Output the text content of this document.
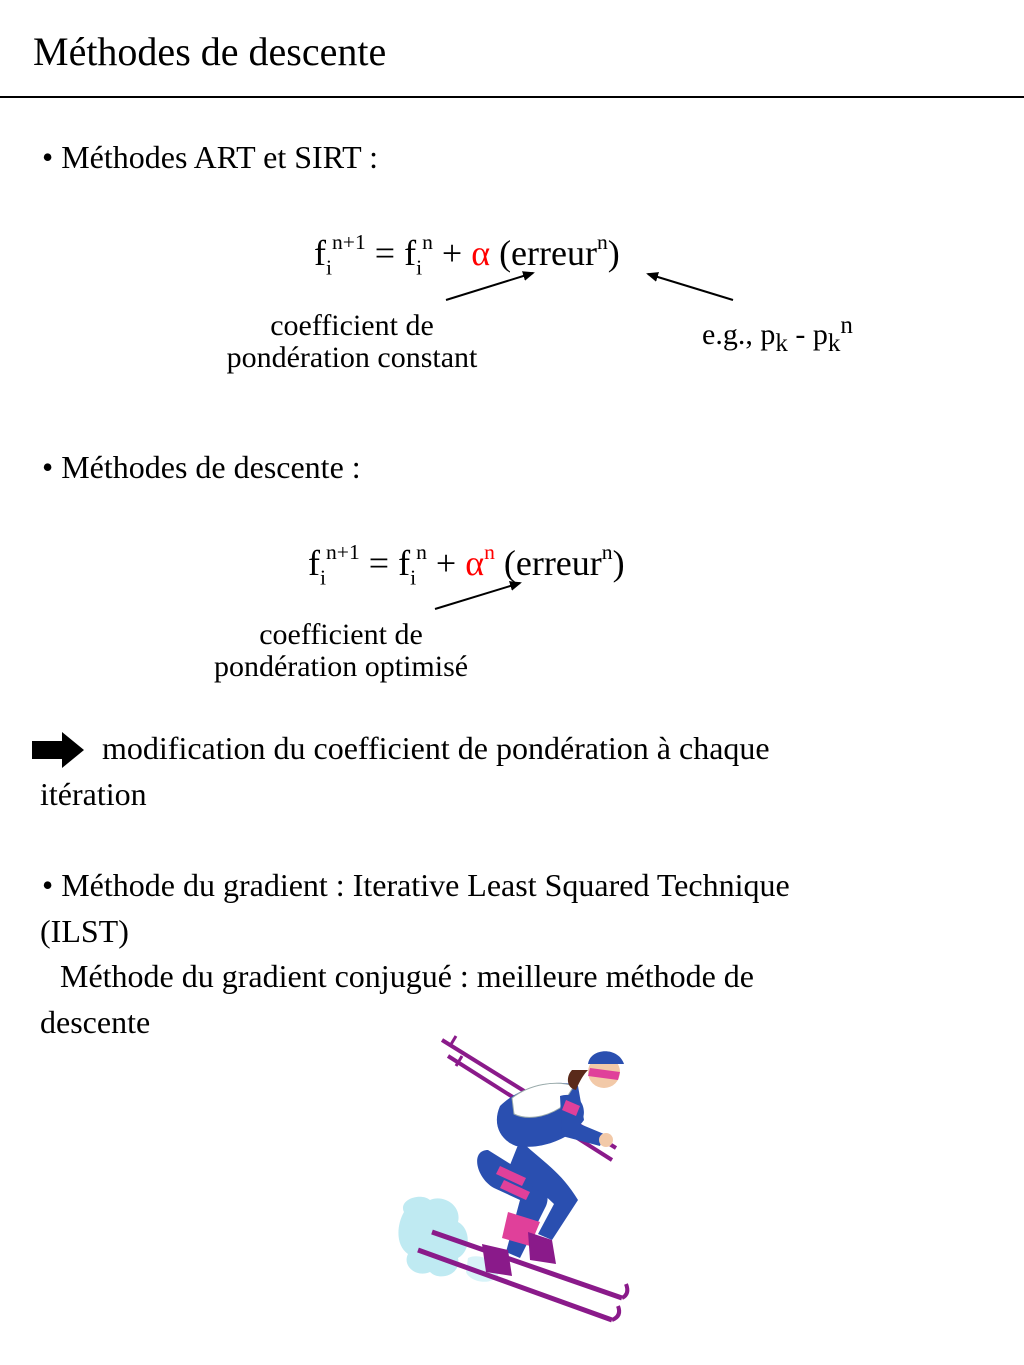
Méthodes de descente
• Méthodes ART et SIRT :
$f_i^{n+1} = f_i^n + \alpha$ (erreur$^n$)
coefficient de
pondération constant
e.g., $p_k - p_k^n$
• Méthodes de descente :
$f_i^{n+1} = f_i^n + \alpha^n$ (erreur$^n$)
coefficient de
pondération optimisé
modification du coefficient de pondération à chaque
itération
• Méthode du gradient : Iterative Least Squared Technique
(ILST)
Méthode du gradient conjugué : meilleure méthode de
descente
